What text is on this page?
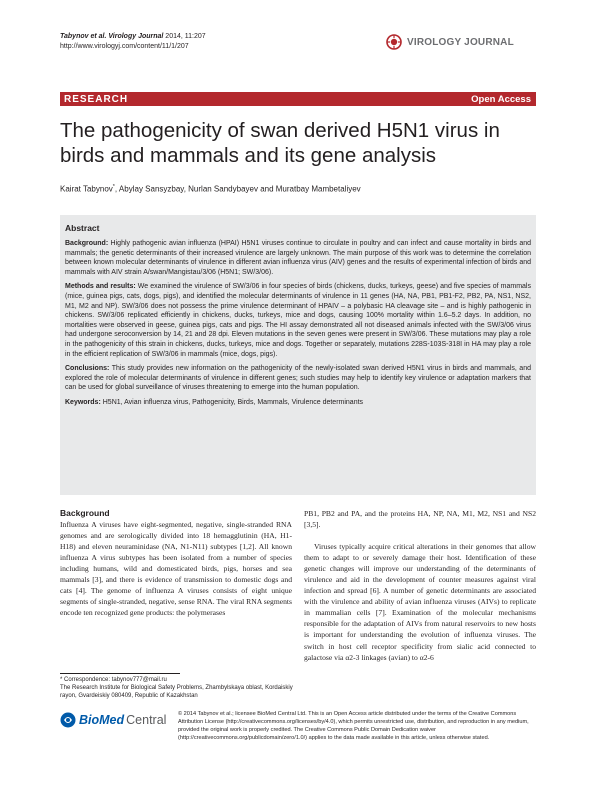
Tabynov et al. Virology Journal 2014, 11:207
http://www.virologyj.com/content/11/1/207	VIROLOGY JOURNAL
RESEARCH	Open Access
The pathogenicity of swan derived H5N1 virus in birds and mammals and its gene analysis
Kairat Tabynov*, Abylay Sansyzbay, Nurlan Sandybayev and Muratbay Mambetaliyev
Abstract

Background: Highly pathogenic avian influenza (HPAI) H5N1 viruses continue to circulate in poultry and can infect and cause mortality in birds and mammals; the genetic determinants of their increased virulence are largely unknown. The main purpose of this work was to determine the correlation between known molecular determinants of virulence in different avian influenza virus (AIV) genes and the results of experimental infection of birds and mammals with AIV strain A/swan/Mangistau/3/06 (H5N1; SW/3/06).

Methods and results: We examined the virulence of SW/3/06 in four species of birds (chickens, ducks, turkeys, geese) and five species of mammals (mice, guinea pigs, cats, dogs, pigs), and identified the molecular determinants of virulence in 11 genes (HA, NA, PB1, PB1-F2, PB2, PA, NS1, NS2, M1, M2 and NP). SW/3/06 does not possess the prime virulence determinant of HPAIV – a polybasic HA cleavage site – and is highly pathogenic in chickens. SW/3/06 replicated efficiently in chickens, ducks, turkeys, mice and dogs, causing 100% mortality within 1.6–5.2 days. In addition, no mortalities were observed in geese, guinea pigs, cats and pigs. The HI assay demonstrated all not diseased animals infected with the SW/3/06 virus had undergone seroconversion by 14, 21 and 28 dpi. Eleven mutations in the seven genes were present in SW/3/06. These mutations may play a role in the pathogenicity of this strain in chickens, ducks, turkeys, mice and dogs. Together or separately, mutations 228S-103S-318I in HA may play a role in the efficient replication of SW/3/06 in mammals (mice, dogs, pigs).

Conclusions: This study provides new information on the pathogenicity of the newly-isolated swan derived H5N1 virus in birds and mammals, and explored the role of molecular determinants of virulence in different genes; such studies may help to identify key virulence or adaptation markers that can be used for global surveillance of viruses threatening to emerge into the human population.

Keywords: H5N1, Avian influenza virus, Pathogenicity, Birds, Mammals, Virulence determinants

Background

Influenza A viruses have eight-segmented, negative, single-stranded RNA genomes and are serologically divided into 18 hemagglutinin (HA, H1-H18) and eleven neuraminidase (NA, N1-N11) subtypes [1,2]. All known influenza A virus subtypes has been isolated from a number of species including humans, wild and domesticated birds, pigs, horses and sea mammals [3], and there is evidence of transmission to domestic dogs and cats [4]. The genome of influenza A viruses consists of eight unique segments of single-stranded, negative, sense RNA. The viral RNA segments encode ten recognized gene products: the polymerases

PB1, PB2 and PA, and the proteins HA, NP, NA, M1, M2, NS1 and NS2 [3,5].

Viruses typically acquire critical alterations in their genomes that allow them to adapt to or severely damage their host. Identification of these genetic changes will improve our understanding of the determinants of virulence and aid in the development of counter measures against viral infection and spread [6]. A number of genetic determinants are associated with the virulence and ability of avian influenza viruses (AIVs) to replicate in mammalian cells [7]. Examination of the molecular mechanisms responsible for the adaptation of AIVs from natural reservoirs to new hosts is important for understanding the evolution of influenza viruses. The switch in host cell receptor specificity from sialic acid connected to galactose via α2-3 linkages (avian) to α2-6

* Correspondence: tabynov777@mail.ru
The Research Institute for Biological Safety Problems, Zhambylskaya oblast, Kordaiskiy rayon, Gvardeiskiy 080409, Republic of Kazakhstan
BioMed Central © 2014 Tabynov et al.; licensee BioMed Central Ltd. This is an Open Access article distributed under the terms of the Creative Commons Attribution License (http://creativecommons.org/licenses/by/4.0), which permits unrestricted use, distribution, and reproduction in any medium, provided the original work is properly credited. The Creative Commons Public Domain Dedication waiver (http://creativecommons.org/publicdomain/zero/1.0/) applies to the data made available in this article, unless otherwise stated.
